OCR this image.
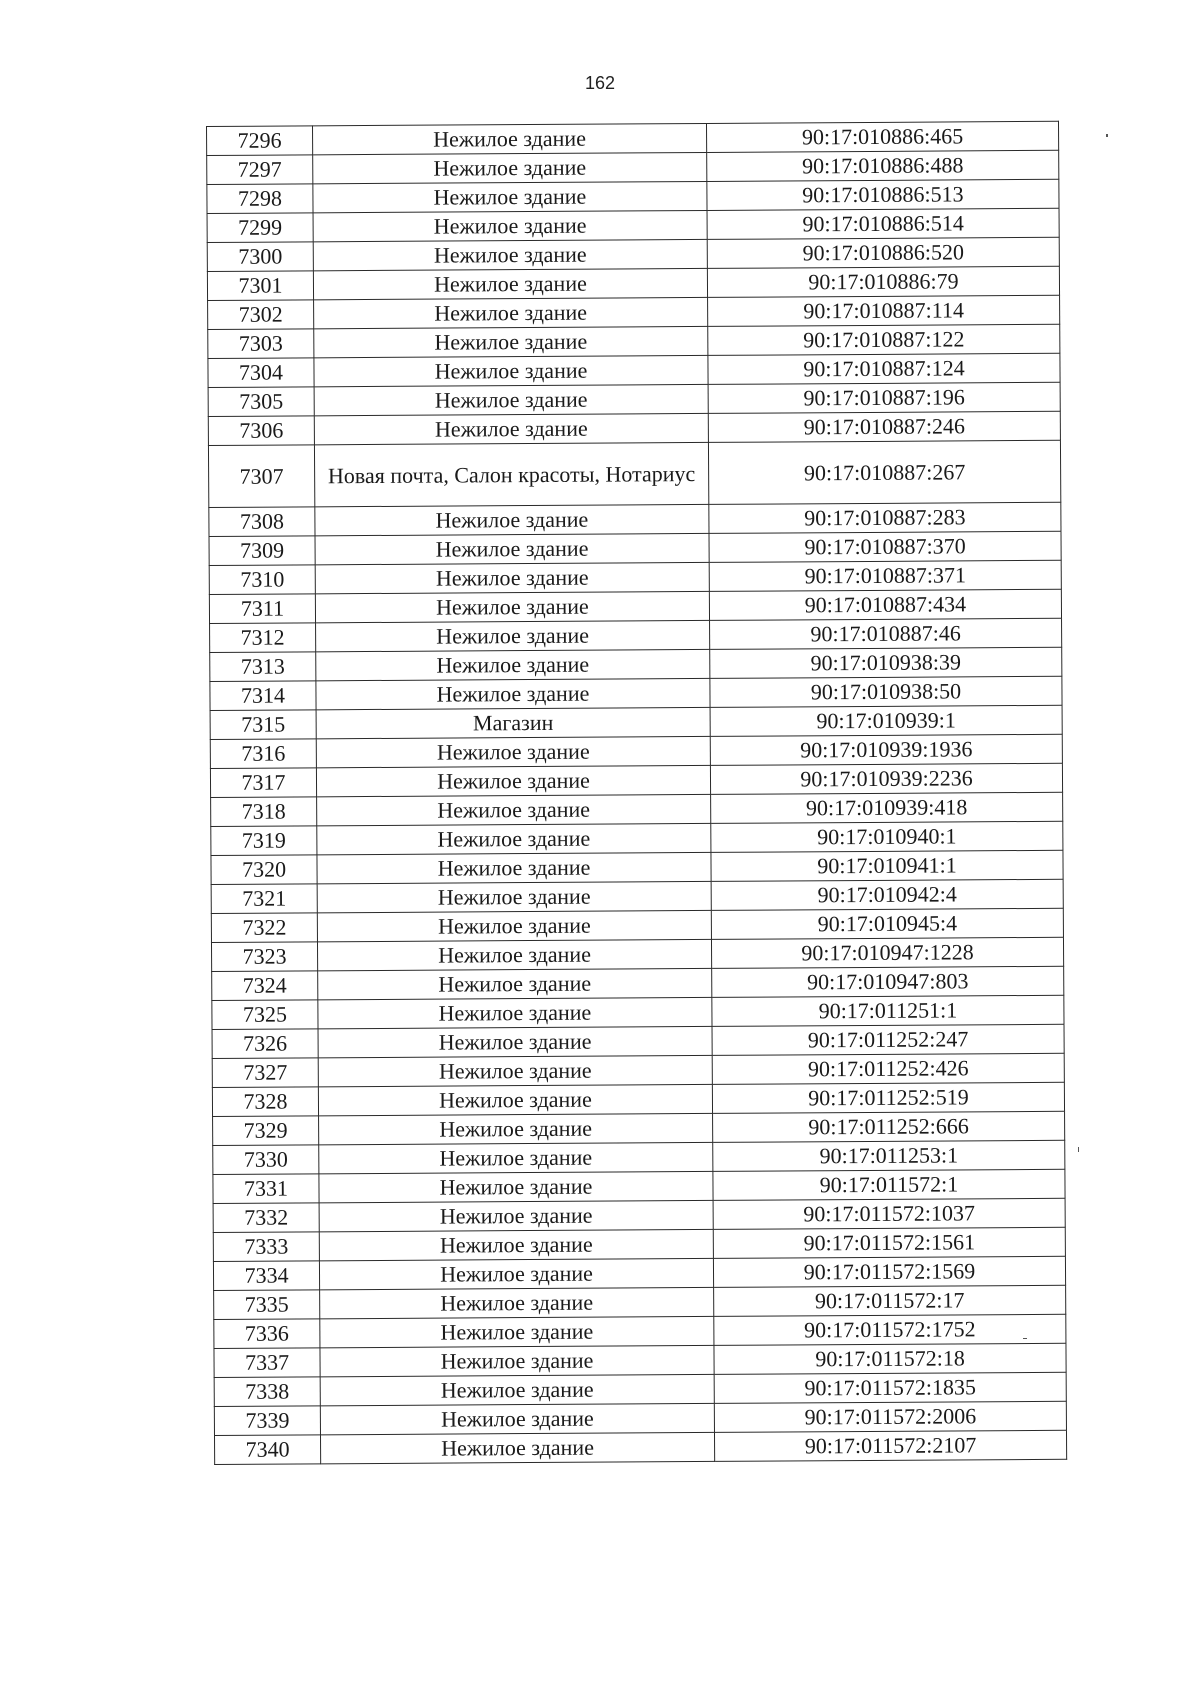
162
7296	Нежилое здание	90:17:010886:465
7297	Нежилое здание	90:17:010886:488
7298	Нежилое здание	90:17:010886:513
7299	Нежилое здание	90:17:010886:514
7300	Нежилое здание	90:17:010886:520
7301	Нежилое здание	90:17:010886:79
7302	Нежилое здание	90:17:010887:114
7303	Нежилое здание	90:17:010887:122
7304	Нежилое здание	90:17:010887:124
7305	Нежилое здание	90:17:010887:196
7306	Нежилое здание	90:17:010887:246
7307	Новая почта, Салон красоты, Нотариус	90:17:010887:267
7308	Нежилое здание	90:17:010887:283
7309	Нежилое здание	90:17:010887:370
7310	Нежилое здание	90:17:010887:371
7311	Нежилое здание	90:17:010887:434
7312	Нежилое здание	90:17:010887:46
7313	Нежилое здание	90:17:010938:39
7314	Нежилое здание	90:17:010938:50
7315	Магазин	90:17:010939:1
7316	Нежилое здание	90:17:010939:1936
7317	Нежилое здание	90:17:010939:2236
7318	Нежилое здание	90:17:010939:418
7319	Нежилое здание	90:17:010940:1
7320	Нежилое здание	90:17:010941:1
7321	Нежилое здание	90:17:010942:4
7322	Нежилое здание	90:17:010945:4
7323	Нежилое здание	90:17:010947:1228
7324	Нежилое здание	90:17:010947:803
7325	Нежилое здание	90:17:011251:1
7326	Нежилое здание	90:17:011252:247
7327	Нежилое здание	90:17:011252:426
7328	Нежилое здание	90:17:011252:519
7329	Нежилое здание	90:17:011252:666
7330	Нежилое здание	90:17:011253:1
7331	Нежилое здание	90:17:011572:1
7332	Нежилое здание	90:17:011572:1037
7333	Нежилое здание	90:17:011572:1561
7334	Нежилое здание	90:17:011572:1569
7335	Нежилое здание	90:17:011572:17
7336	Нежилое здание	90:17:011572:1752
7337	Нежилое здание	90:17:011572:18
7338	Нежилое здание	90:17:011572:1835
7339	Нежилое здание	90:17:011572:2006
7340	Нежилое здание	90:17:011572:2107
